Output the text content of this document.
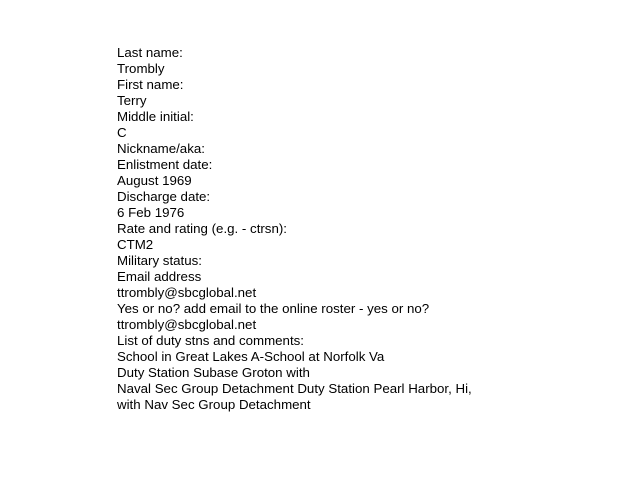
Last name:
Trombly
First name:
Terry
Middle initial:
C
Nickname/aka:
Enlistment date:
August 1969
Discharge date:
6 Feb 1976
Rate and rating (e.g. - ctrsn):
CTM2
Military status:
Email address
ttrombly@sbcglobal.net
Yes or no? add email to the online roster - yes or no?
ttrombly@sbcglobal.net
List of duty stns and comments:
School in Great Lakes A-School at Norfolk Va
Duty Station Subase Groton with
Naval Sec Group Detachment Duty Station Pearl Harbor, Hi,
with Nav Sec Group Detachment
